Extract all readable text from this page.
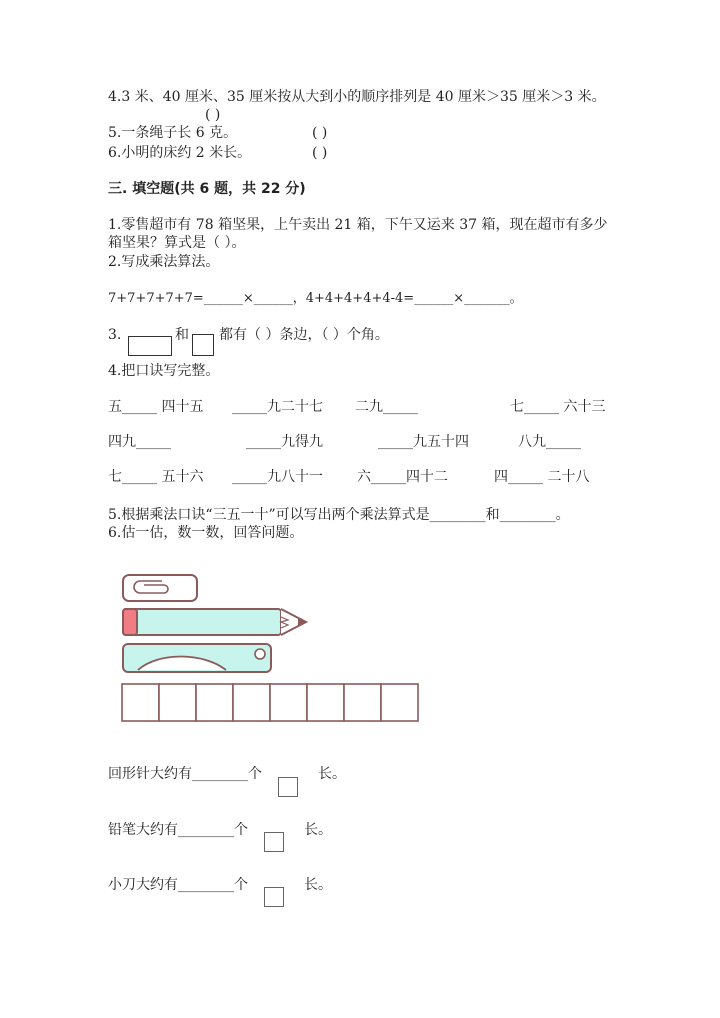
4.3 米、40 厘米、35 厘米按从大到小的顺序排列是 40 厘米＞35 厘米＞3 米。
( )
5.一条绳子长 6 克。	( )
6.小明的床约 2 米长。	( )
三. 填空题(共 6 题，共 22 分)
1.零售超市有 78 箱坚果，上午卖出 21 箱，下午又运来 37 箱，现在超市有多少
箱坚果？算式是（ ）。
2.写成乘法算法。
7+7+7+7+7=______×______，4+4+4+4+4-4=______×_______。
3.	和 都有（ ）条边，（ ）个角。
4.把口诀写完整。
五_____ 四十五 _____九二十七 二九_____	七_____ 六十三
四九_____	_____九得九	_____九五十四	八九_____
七_____ 五十六 _____九八十一 六_____四十二	四_____ 二十八
5.根据乘法口诀“三五一十”可以写出两个乘法算式是________和________。
6.估一估，数一数，回答问题。
回形针大约有________个	长。
铅笔大约有________个	长。
小刀大约有________个	长。
